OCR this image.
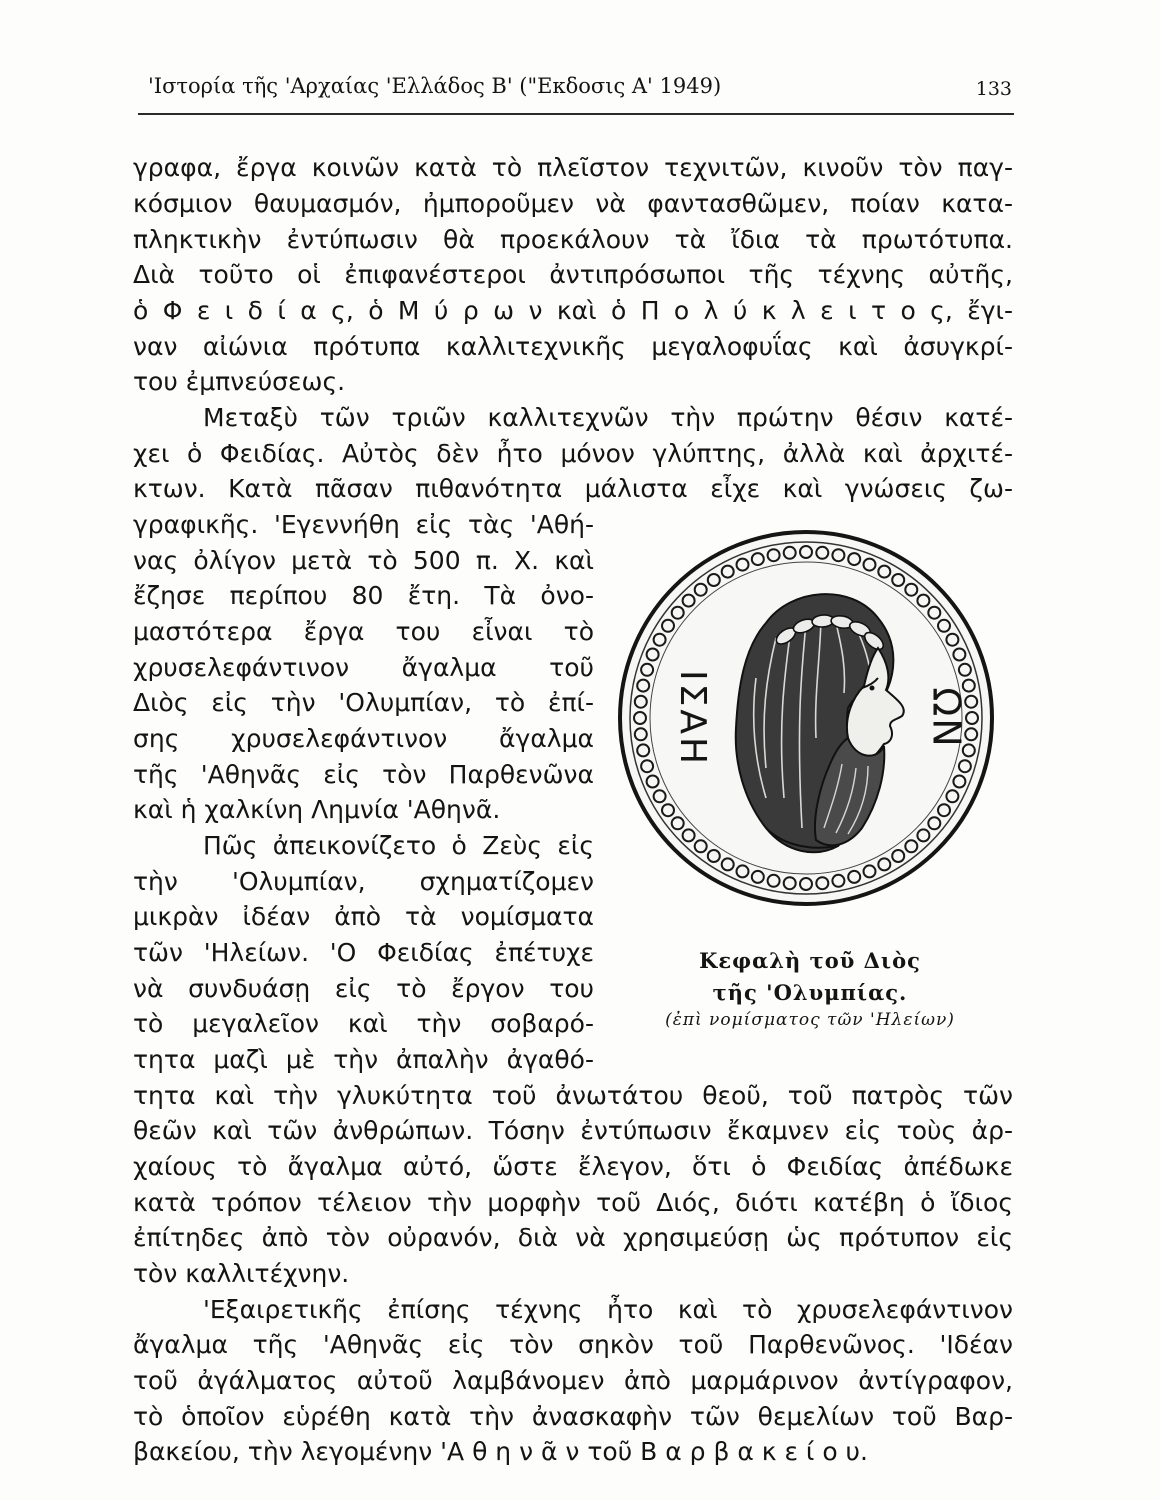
'Ιστορία τῆς 'Αρχαίας 'Ελλάδος Β' ("Εκδοσις Α' 1949)	133
γραφα, ἔργα κοινῶν κατὰ τὸ πλεῖστον τεχνιτῶν, κινοῦν τὸν παγ-
κόσμιον θαυμασμόν, ἠμποροῦμεν νὰ φαντασθῶμεν, ποίαν κατα-
πληκτικὴν ἐντύπωσιν θὰ προεκάλουν τὰ ἴδια τὰ πρωτότυπα.
Διὰ τοῦτο οἱ ἐπιφανέστεροι ἀντιπρόσωποι τῆς τέχνης αὐτῆς,
ὁ Φ ε ι δ ί α ς, ὁ Μ ύ ρ ω ν καὶ ὁ Π ο λ ύ κ λ ε ι τ ο ς, ἔγι-
ναν αἰώνια πρότυπα καλλιτεχνικῆς μεγαλοφυΐας καὶ ἀσυγκρί-
του ἐμπνεύσεως.
Μεταξὺ τῶν τριῶν καλλιτεχνῶν τὴν πρώτην θέσιν κατέ-
χει ὁ Φειδίας. Αὐτὸς δὲν ἦτο μόνον γλύπτης, ἀλλὰ καὶ ἀρχιτέ-
κτων. Κατὰ πᾶσαν πιθανότητα μάλιστα εἶχε καὶ γνώσεις ζω-
γραφικῆς. 'Εγεννήθη εἰς τὰς 'Αθή-
νας ὀλίγον μετὰ τὸ 500 π. Χ. καὶ
ἔζησε περίπου 80 ἔτη. Τὰ ὀνο-
μαστότερα ἔργα του εἶναι τὸ
χρυσελεφάντινον ἄγαλμα τοῦ
Διὸς εἰς τὴν 'Ολυμπίαν, τὸ ἐπί-
σης χρυσελεφάντινον ἄγαλμα
τῆς 'Αθηνᾶς εἰς τὸν Παρθενῶνα
καὶ ἡ χαλκίνη Λημνία 'Αθηνᾶ.
Πῶς ἀπεικονίζετο ὁ Ζεὺς εἰς
τὴν 'Ολυμπίαν, σχηματίζομεν
μικρὰν ἰδέαν ἀπὸ τὰ νομίσματα
τῶν 'Ηλείων. 'Ο Φειδίας ἐπέτυχε
νὰ συνδυάσῃ εἰς τὸ ἔργον του
τὸ μεγαλεῖον καὶ τὴν σοβαρό-
τητα μαζὶ μὲ τὴν ἀπαλὴν ἀγαθό-
τητα καὶ τὴν γλυκύτητα τοῦ ἀνωτάτου θεοῦ, τοῦ πατρὸς τῶν
θεῶν καὶ τῶν ἀνθρώπων. Τόσην ἐντύπωσιν ἔκαμνεν εἰς τοὺς ἀρ-
χαίους τὸ ἄγαλμα αὐτό, ὥστε ἔλεγον, ὅτι ὁ Φειδίας ἀπέδωκε
κατὰ τρόπον τέλειον τὴν μορφὴν τοῦ Διός, διότι κατέβη ὁ ἴδιος
ἐπίτηδες ἀπὸ τὸν οὐρανόν, διὰ νὰ χρησιμεύσῃ ὡς πρότυπον εἰς
τὸν καλλιτέχνην.
'Εξαιρετικῆς ἐπίσης τέχνης ἦτο καὶ τὸ χρυσελεφάντινον
ἄγαλμα τῆς 'Αθηνᾶς εἰς τὸν σηκὸν τοῦ Παρθενῶνος. 'Ιδέαν
τοῦ ἀγάλματος αὐτοῦ λαμβάνομεν ἀπὸ μαρμάρινον ἀντίγραφον,
τὸ ὁποῖον εὑρέθη κατὰ τὴν ἀνασκαφὴν τῶν θεμελίων τοῦ Βαρ-
βακείου, τὴν λεγομένην 'Α θ η ν ᾶ ν τοῦ Β α ρ β α κ ε ί ο υ.
ΙΣΑΗ	ΩΝ
Κεφαλὴ τοῦ Διὸς
τῆς 'Ολυμπίας.
(ἐπὶ νομίσματος τῶν 'Ηλείων)
